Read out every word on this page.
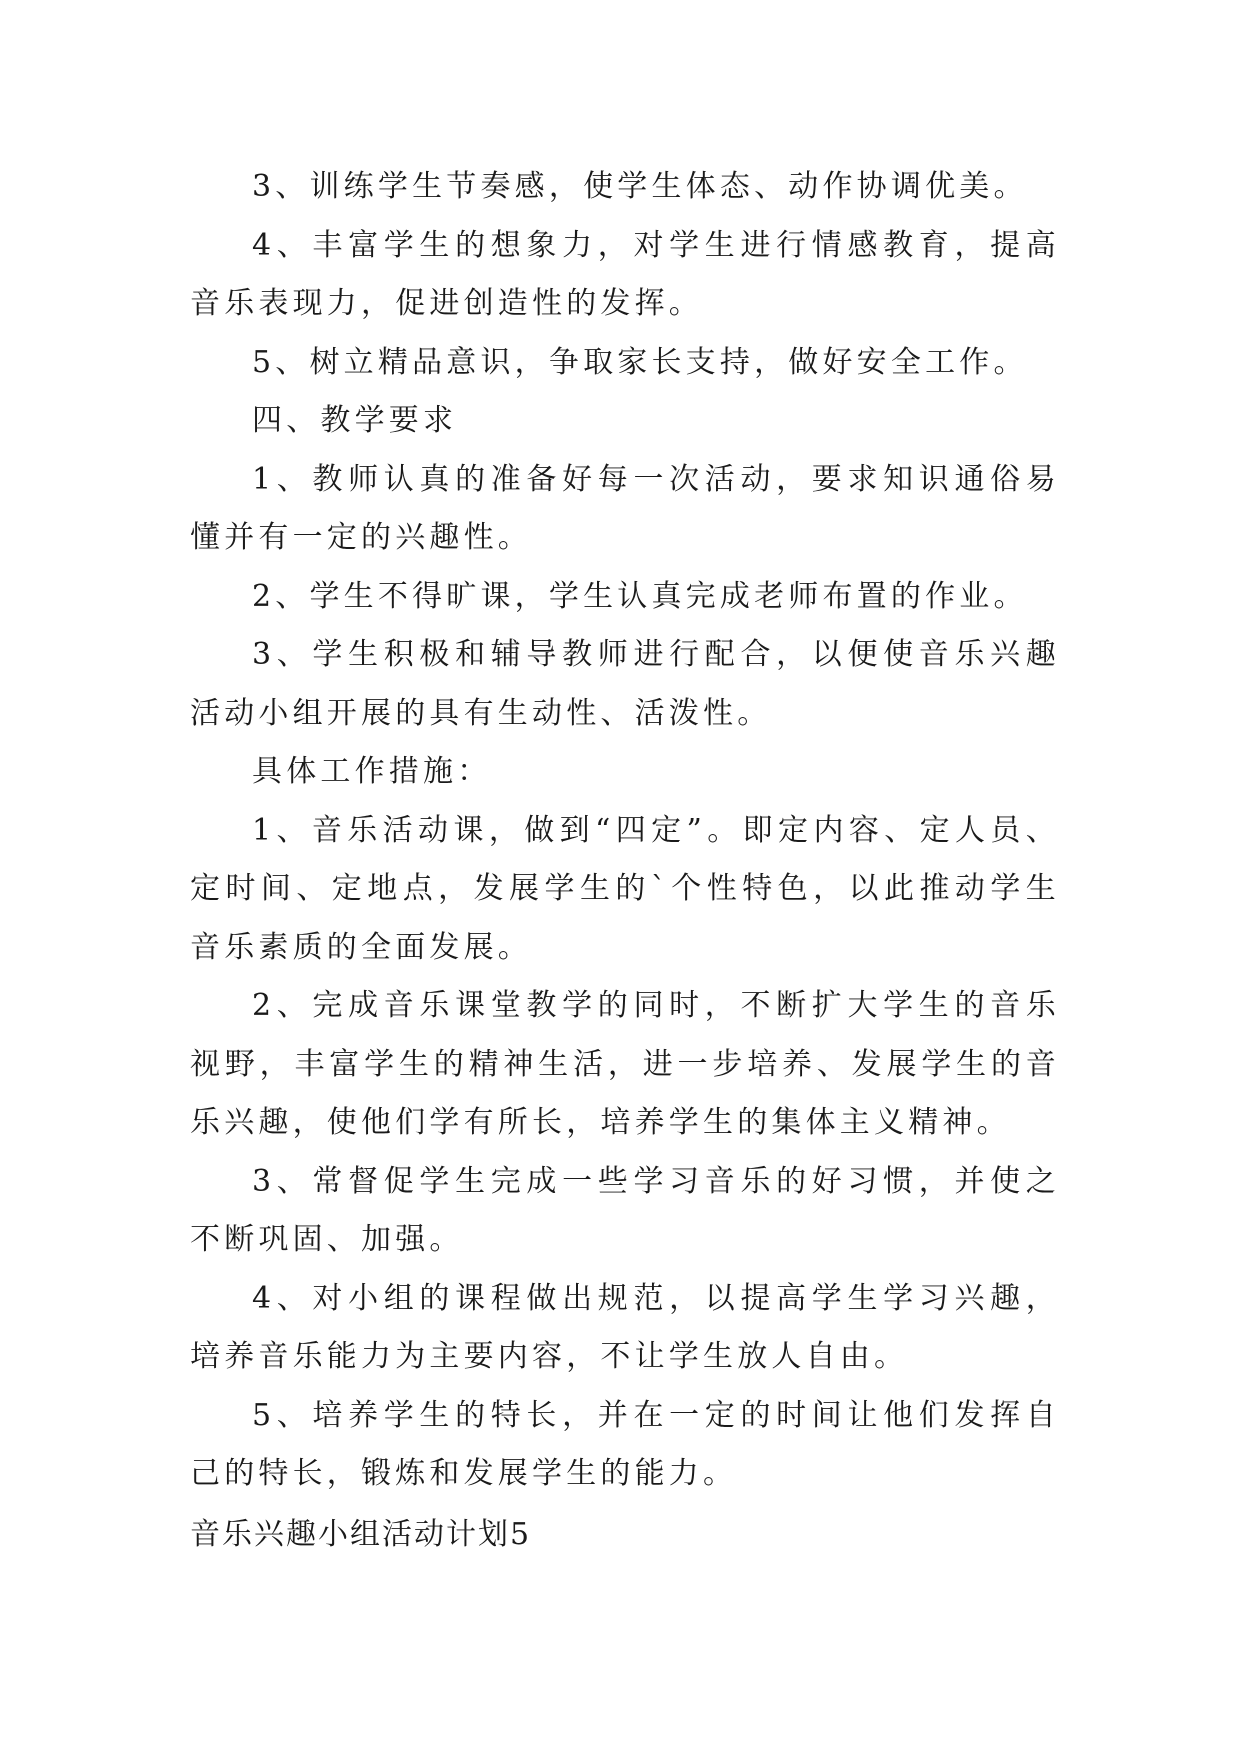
3、训练学生节奏感，使学生体态、动作协调优美。

4、丰富学生的想象力，对学生进行情感教育，提高音乐表现力，促进创造性的发挥。

5、树立精品意识，争取家长支持，做好安全工作。

四、教学要求

1、教师认真的准备好每一次活动，要求知识通俗易懂并有一定的兴趣性。

2、学生不得旷课，学生认真完成老师布置的作业。

3、学生积极和辅导教师进行配合，以便使音乐兴趣活动小组开展的具有生动性、活泼性。

具体工作措施：

1、音乐活动课，做到“四定”。即定内容、定人员、定时间、定地点，发展学生的`个性特色，以此推动学生音乐素质的全面发展。

2、完成音乐课堂教学的同时，不断扩大学生的音乐视野，丰富学生的精神生活，进一步培养、发展学生的音乐兴趣，使他们学有所长，培养学生的集体主义精神。

3、常督促学生完成一些学习音乐的好习惯，并使之不断巩固、加强。

4、对小组的课程做出规范，以提高学生学习兴趣，培养音乐能力为主要内容，不让学生放人自由。

5、培养学生的特长，并在一定的时间让他们发挥自己的特长，锻炼和发展学生的能力。

音乐兴趣小组活动计划5
